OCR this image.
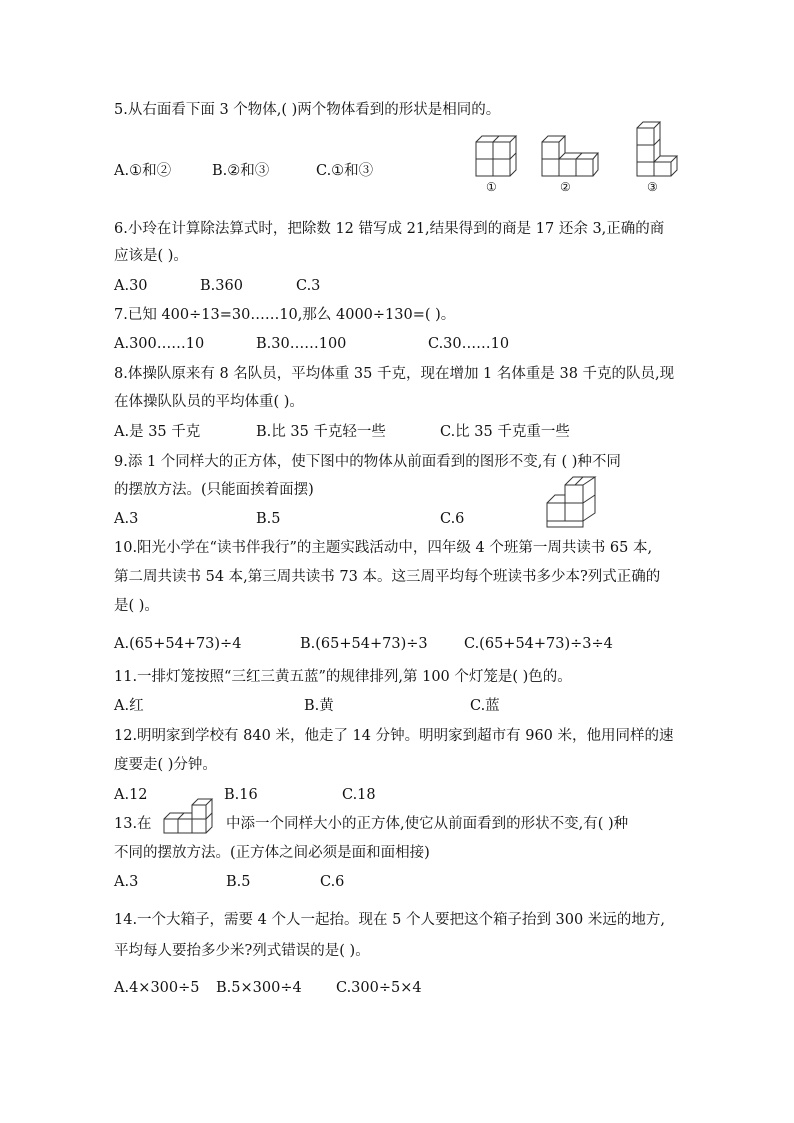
5.从右面看下面 3 个物体,( )两个物体看到的形状是相同的。
A.①和②	B.②和③	C.①和③
①	②	③
6.小玲在计算除法算式时，把除数 12 错写成 21,结果得到的商是 17 还余 3,正确的商
应该是( )。
A.30	B.360	C.3
7.已知 400÷13=30……10,那么 4000÷130=( )。
A.300……10	B.30……100	C.30……10
8.体操队原来有 8 名队员，平均体重 35 千克，现在增加 1 名体重是 38 千克的队员,现
在体操队队员的平均体重( )。
A.是 35 千克	B.比 35 千克轻一些	C.比 35 千克重一些
9.添 1 个同样大的正方体，使下图中的物体从前面看到的图形不变,有 ( )种不同
的摆放方法。(只能面挨着面摆)
A.3	B.5	C.6
10.阳光小学在“读书伴我行”的主题实践活动中，四年级 4 个班第一周共读书 65 本,
第二周共读书 54 本,第三周共读书 73 本。这三周平均每个班读书多少本?列式正确的
是( )。
A.(65+54+73)÷4	B.(65+54+73)÷3	C.(65+54+73)÷3÷4
11.一排灯笼按照“三红三黄五蓝”的规律排列,第 100 个灯笼是( )色的。
A.红	B.黄	C.蓝
12.明明家到学校有 840 米，他走了 14 分钟。明明家到超市有 960 米，他用同样的速
度要走( )分钟。
A.12	B.16	C.18
13.在	中添一个同样大小的正方体,使它从前面看到的形状不变,有( )种
不同的摆放方法。(正方体之间必须是面和面相接)
A.3	B.5	C.6
14.一个大箱子，需要 4 个人一起抬。现在 5 个人要把这个箱子抬到 300 米远的地方,
平均每人要抬多少米?列式错误的是( )。
A.4×300÷5 B.5×300÷4 C.300÷5×4
